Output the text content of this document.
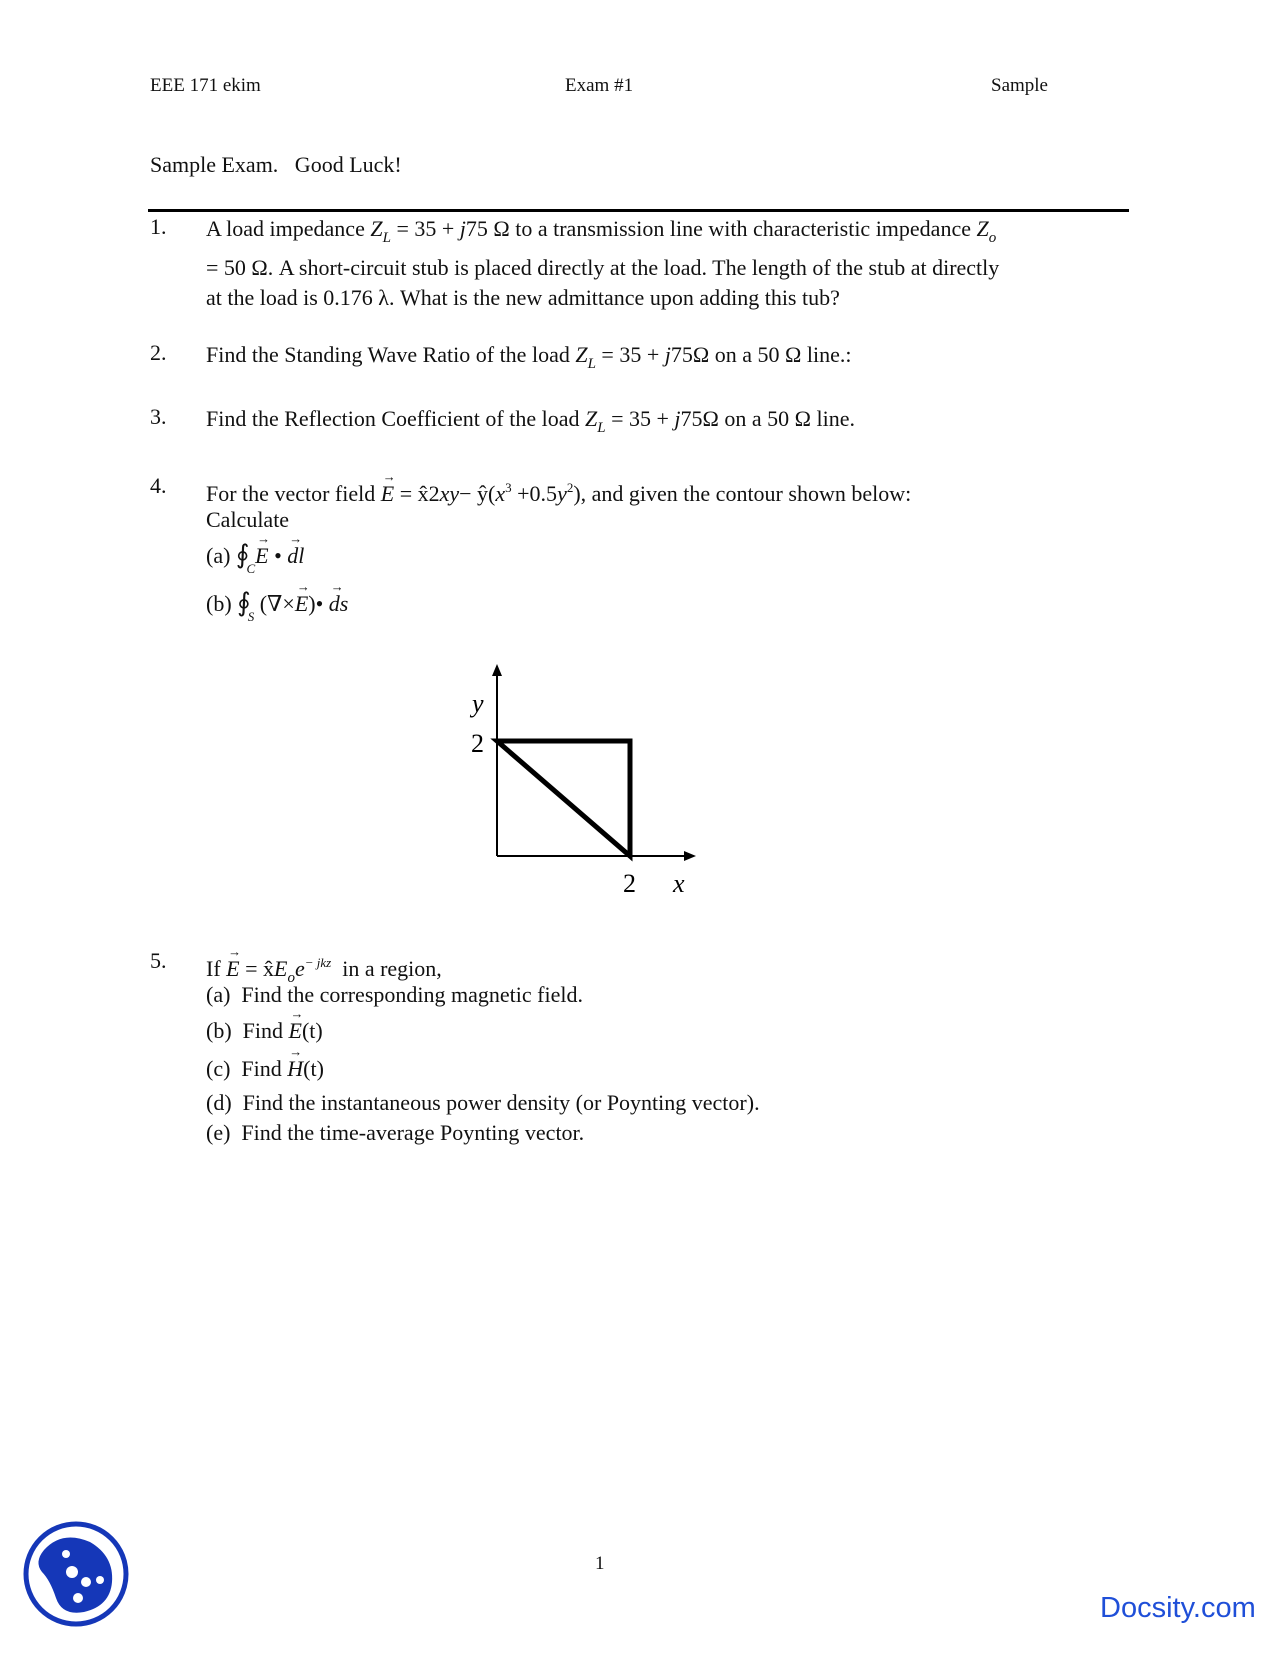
EEE 171 ekim	Exam #1	Sample
Sample Exam.   Good Luck!
1. A load impedance $Z_L = 35 + j75$ Ω to a transmission line with characteristic impedance $Z_o$
= 50 Ω. A short-circuit stub is placed directly at the load. The length of the stub at directly
at the load is 0.176 λ. What is the new admittance upon adding this tub?
2. Find the Standing Wave Ratio of the load $Z_L = 35 + j75\Omega$ on a 50 Ω line.:
3. Find the Reflection Coefficient of the load $Z_L = 35 + j75\Omega$ on a 50 Ω line.
4. For the vector field → E = x̂2xy− $ŷ(x^3 +0.5y^2)$, and given the contour shown below:
Calculate
(a) $∮_C\to E$ • → dl
(b) $∮_S$ (∇×→ E)• → ds
y
2
2 x
5. $If \to E = x̂E_oe^{- jkz}$  in a region,
(a)  Find the corresponding magnetic field.
(b)  Find → E(t)
(c)  Find → H(t)
(d)  Find the instantaneous power density (or Poynting vector).
(e)  Find the time-average Poynting vector.
1
Docsity.com
